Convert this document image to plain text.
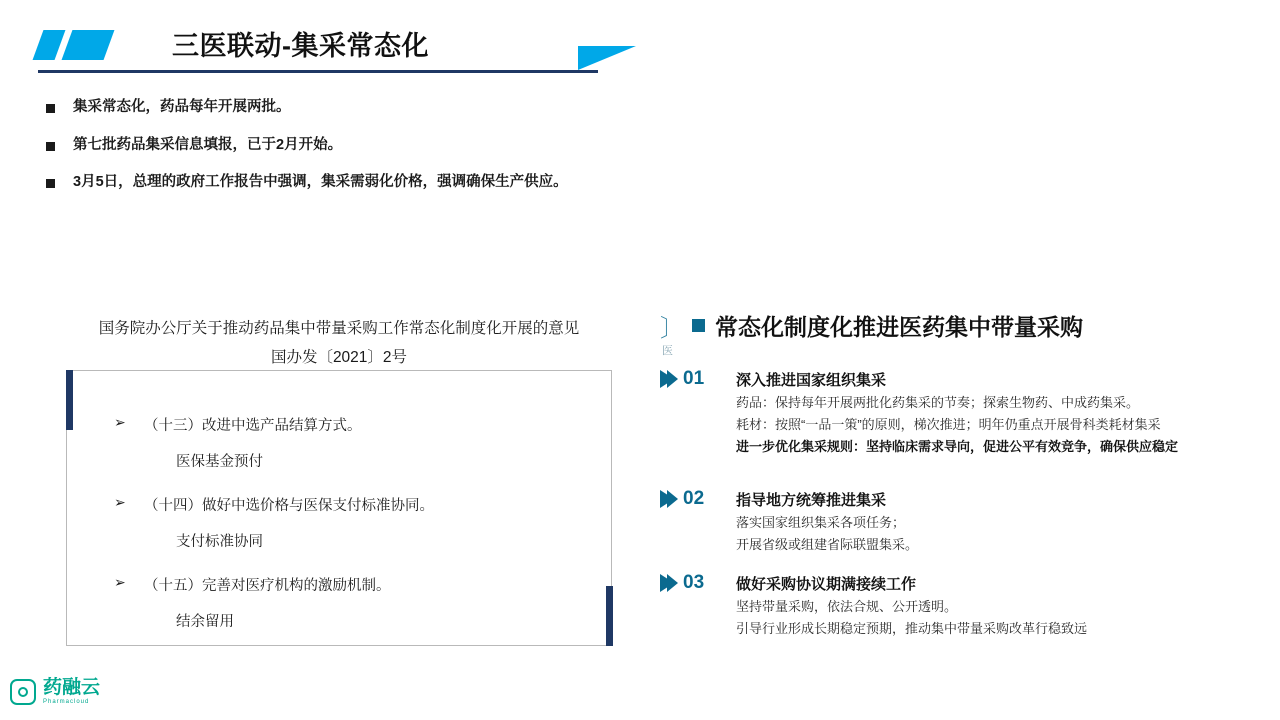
三医联动-集采常态化
集采常态化，药品每年开展两批。
第七批药品集采信息填报，已于2月开始。
3月5日，总理的政府工作报告中强调，集采需弱化价格，强调确保生产供应。
国务院办公厅关于推动药品集中带量采购工作常态化制度化开展的意见
国办发〔2021〕2号
➢ （十三）改进中选产品结算方式。
医保基金预付
➢ （十四）做好中选价格与医保支付标准协同。
支付标准协同
➢ （十五）完善对医疗机构的激励机制。
结余留用
〕 常态化制度化推进医药集中带量采购
医
01 深入推进国家组织集采
药品：保持每年开展两批化药集采的节奏；探索生物药、中成药集采。
耗材：按照“一品一策”的原则，梯次推进；明年仍重点开展骨科类耗材集采
进一步优化集采规则：坚持临床需求导向，促进公平有效竞争，确保供应稳定
02 指导地方统筹推进集采
落实国家组织集采各项任务；
开展省级或组建省际联盟集采。
03 做好采购协议期满接续工作
坚持带量采购，依法合规、公开透明。
引导行业形成长期稳定预期，推动集中带量采购改革行稳致远
药融云
Pharmacloud
